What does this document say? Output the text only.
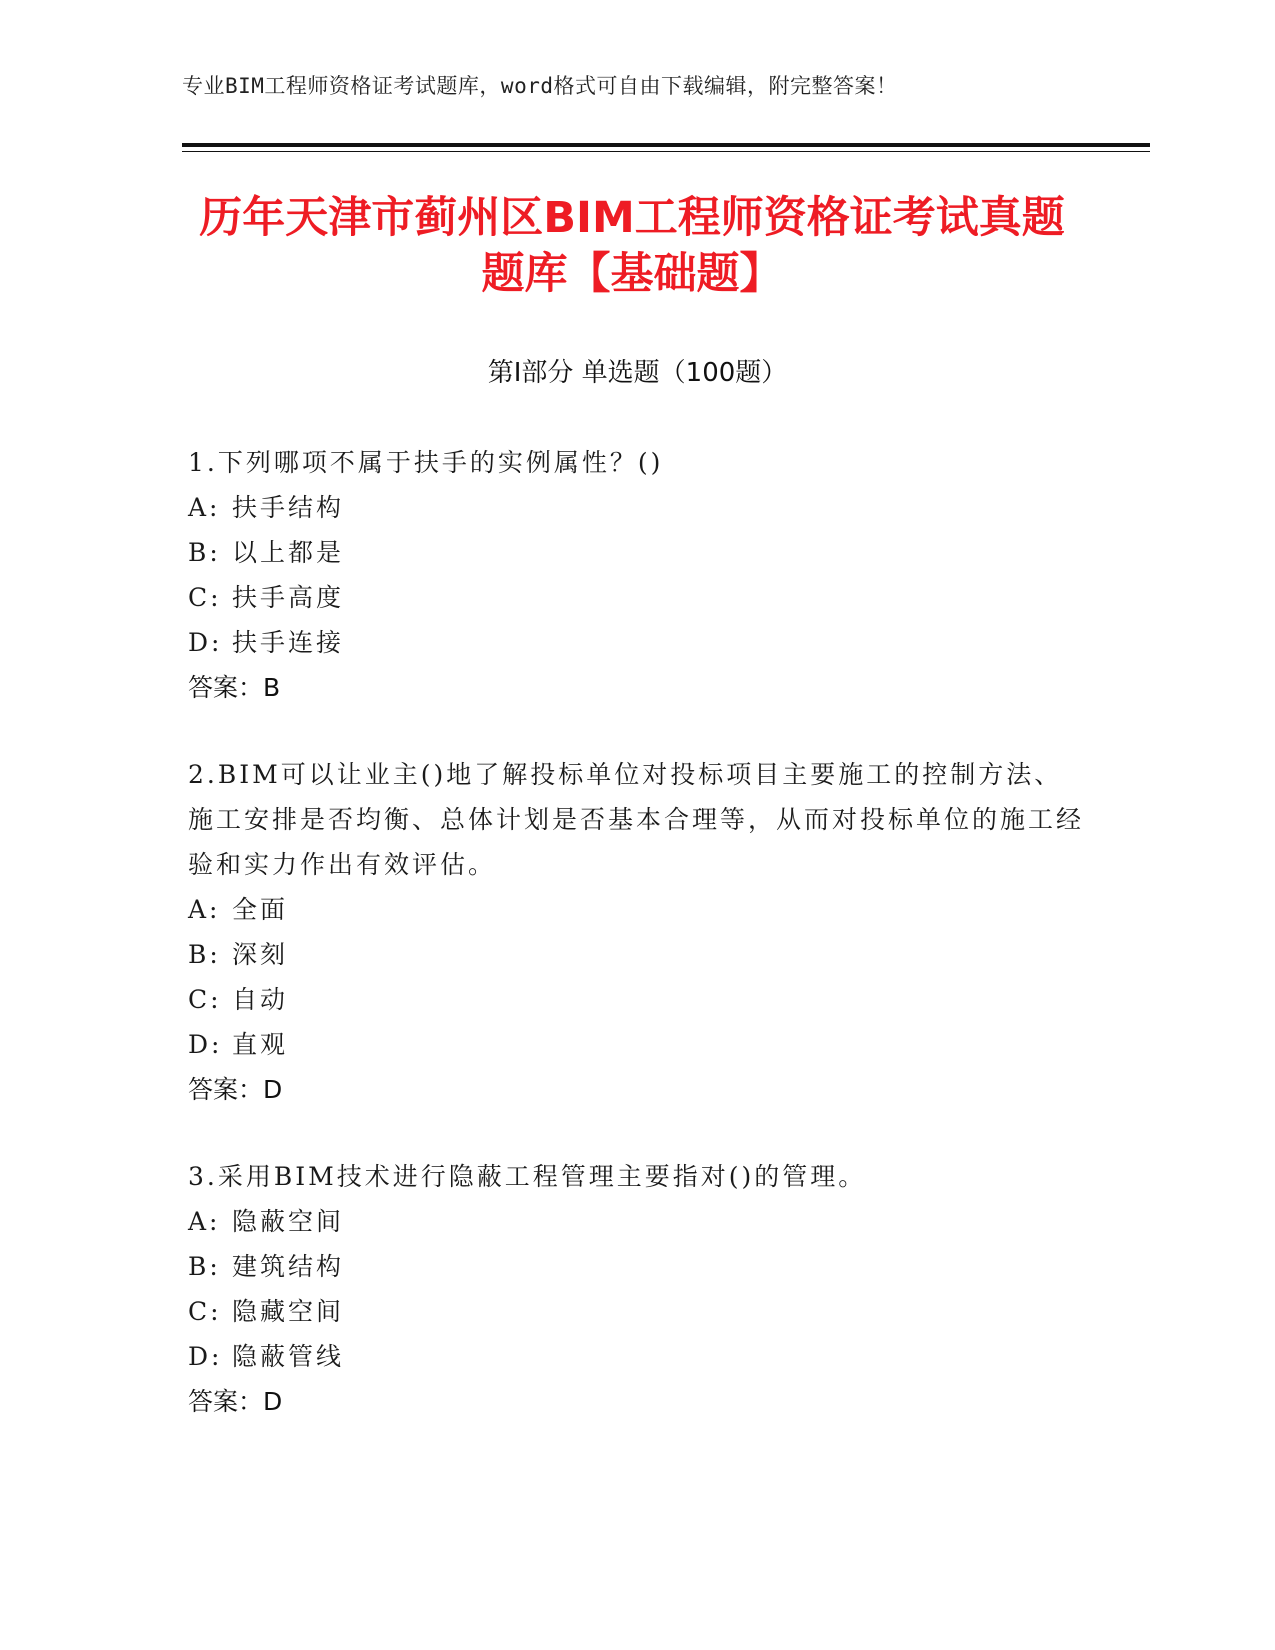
专业BIM工程师资格证考试题库，word格式可自由下载编辑，附完整答案！
历年天津市蓟州区BIM工程师资格证考试真题题库【基础题】
第Ⅰ部分 单选题（100题）

1.下列哪项不属于扶手的实例属性？()

A: 扶手结构
B: 以上都是
C: 扶手高度
D: 扶手连接
答案：B

2.BIM可以让业主()地了解投标单位对投标项目主要施工的控制方法、施工安排是否均衡、总体计划是否基本合理等，从而对投标单位的施工经验和实力作出有效评估。

A: 全面
B: 深刻
C: 自动
D: 直观
答案：D

3.采用BIM技术进行隐蔽工程管理主要指对()的管理。

A: 隐蔽空间
B: 建筑结构
C: 隐藏空间
D: 隐蔽管线
答案：D
